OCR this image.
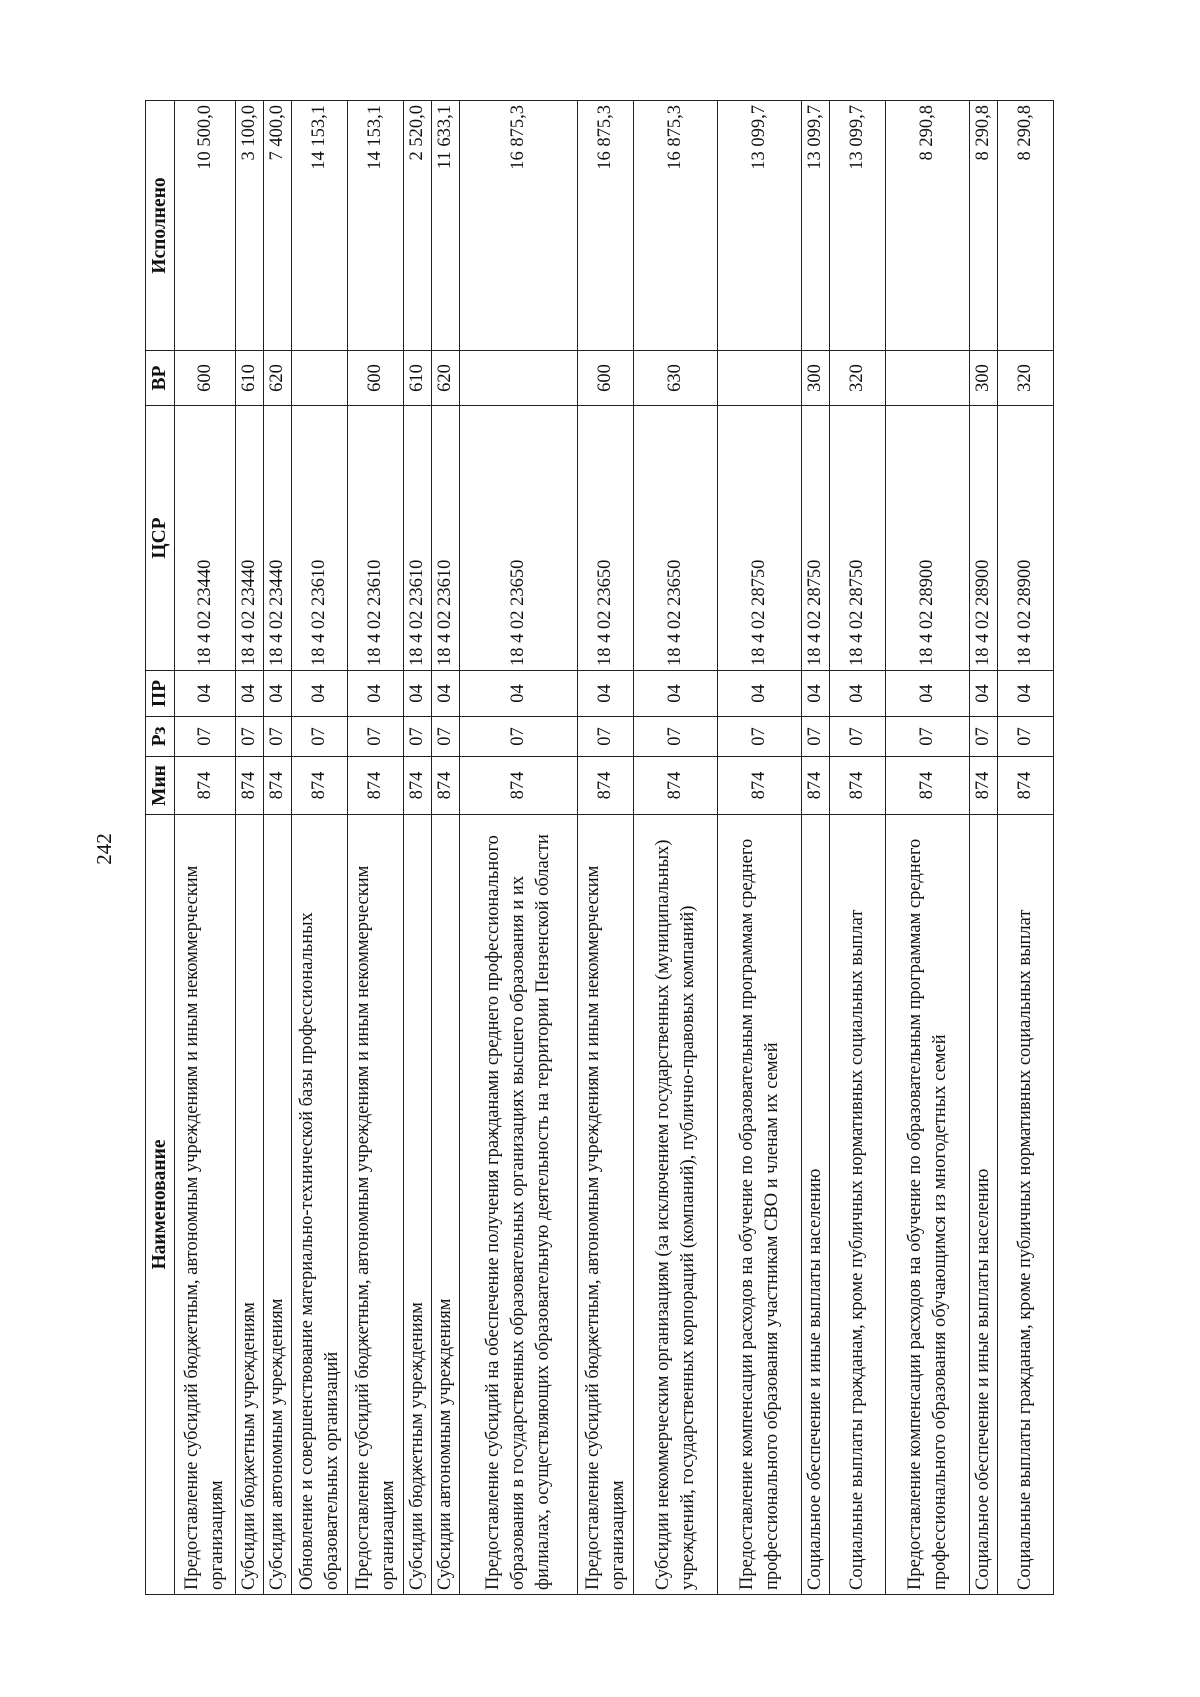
242
Наименование	Мин	Рз	ПР	ЦСР	ВР	Исполнено
Предоставление субсидий бюджетным, автономным учреждениям и иным некоммерческим организациям	874	07	04	18 4 02 23440	600	10 500,0
Субсидии бюджетным учреждениям	874	07	04	18 4 02 23440	610	3 100,0
Субсидии автономным учреждениям	874	07	04	18 4 02 23440	620	7 400,0
Обновление и совершенствование материально-технической базы профессиональных образовательных организаций	874	07	04	18 4 02 23610		14 153,1
Предоставление субсидий бюджетным, автономным учреждениям и иным некоммерческим организациям	874	07	04	18 4 02 23610	600	14 153,1
Субсидии бюджетным учреждениям	874	07	04	18 4 02 23610	610	2 520,0
Субсидии автономным учреждениям	874	07	04	18 4 02 23610	620	11 633,1
Предоставление субсидий на обеспечение получения гражданами среднего профессионального образования в государственных образовательных организациях высшего образования и их филиалах, осуществляющих образовательную деятельность на территории Пензенской области	874	07	04	18 4 02 23650		16 875,3
Предоставление субсидий бюджетным, автономным учреждениям и иным некоммерческим организациям	874	07	04	18 4 02 23650	600	16 875,3
Субсидии некоммерческим организациям (за исключением государственных (муниципальных) учреждений, государственных корпораций (компаний), публично-правовых компаний)	874	07	04	18 4 02 23650	630	16 875,3
Предоставление компенсации расходов на обучение по образовательным программам среднего профессионального образования участникам СВО и членам их семей	874	07	04	18 4 02 28750		13 099,7
Социальное обеспечение и иные выплаты населению	874	07	04	18 4 02 28750	300	13 099,7
Социальные выплаты гражданам, кроме публичных нормативных социальных выплат	874	07	04	18 4 02 28750	320	13 099,7
Предоставление компенсации расходов на обучение по образовательным программам среднего профессионального образования обучающимся из многодетных семей	874	07	04	18 4 02 28900		8 290,8
Социальное обеспечение и иные выплаты населению	874	07	04	18 4 02 28900	300	8 290,8
Социальные выплаты гражданам, кроме публичных нормативных социальных выплат	874	07	04	18 4 02 28900	320	8 290,8
